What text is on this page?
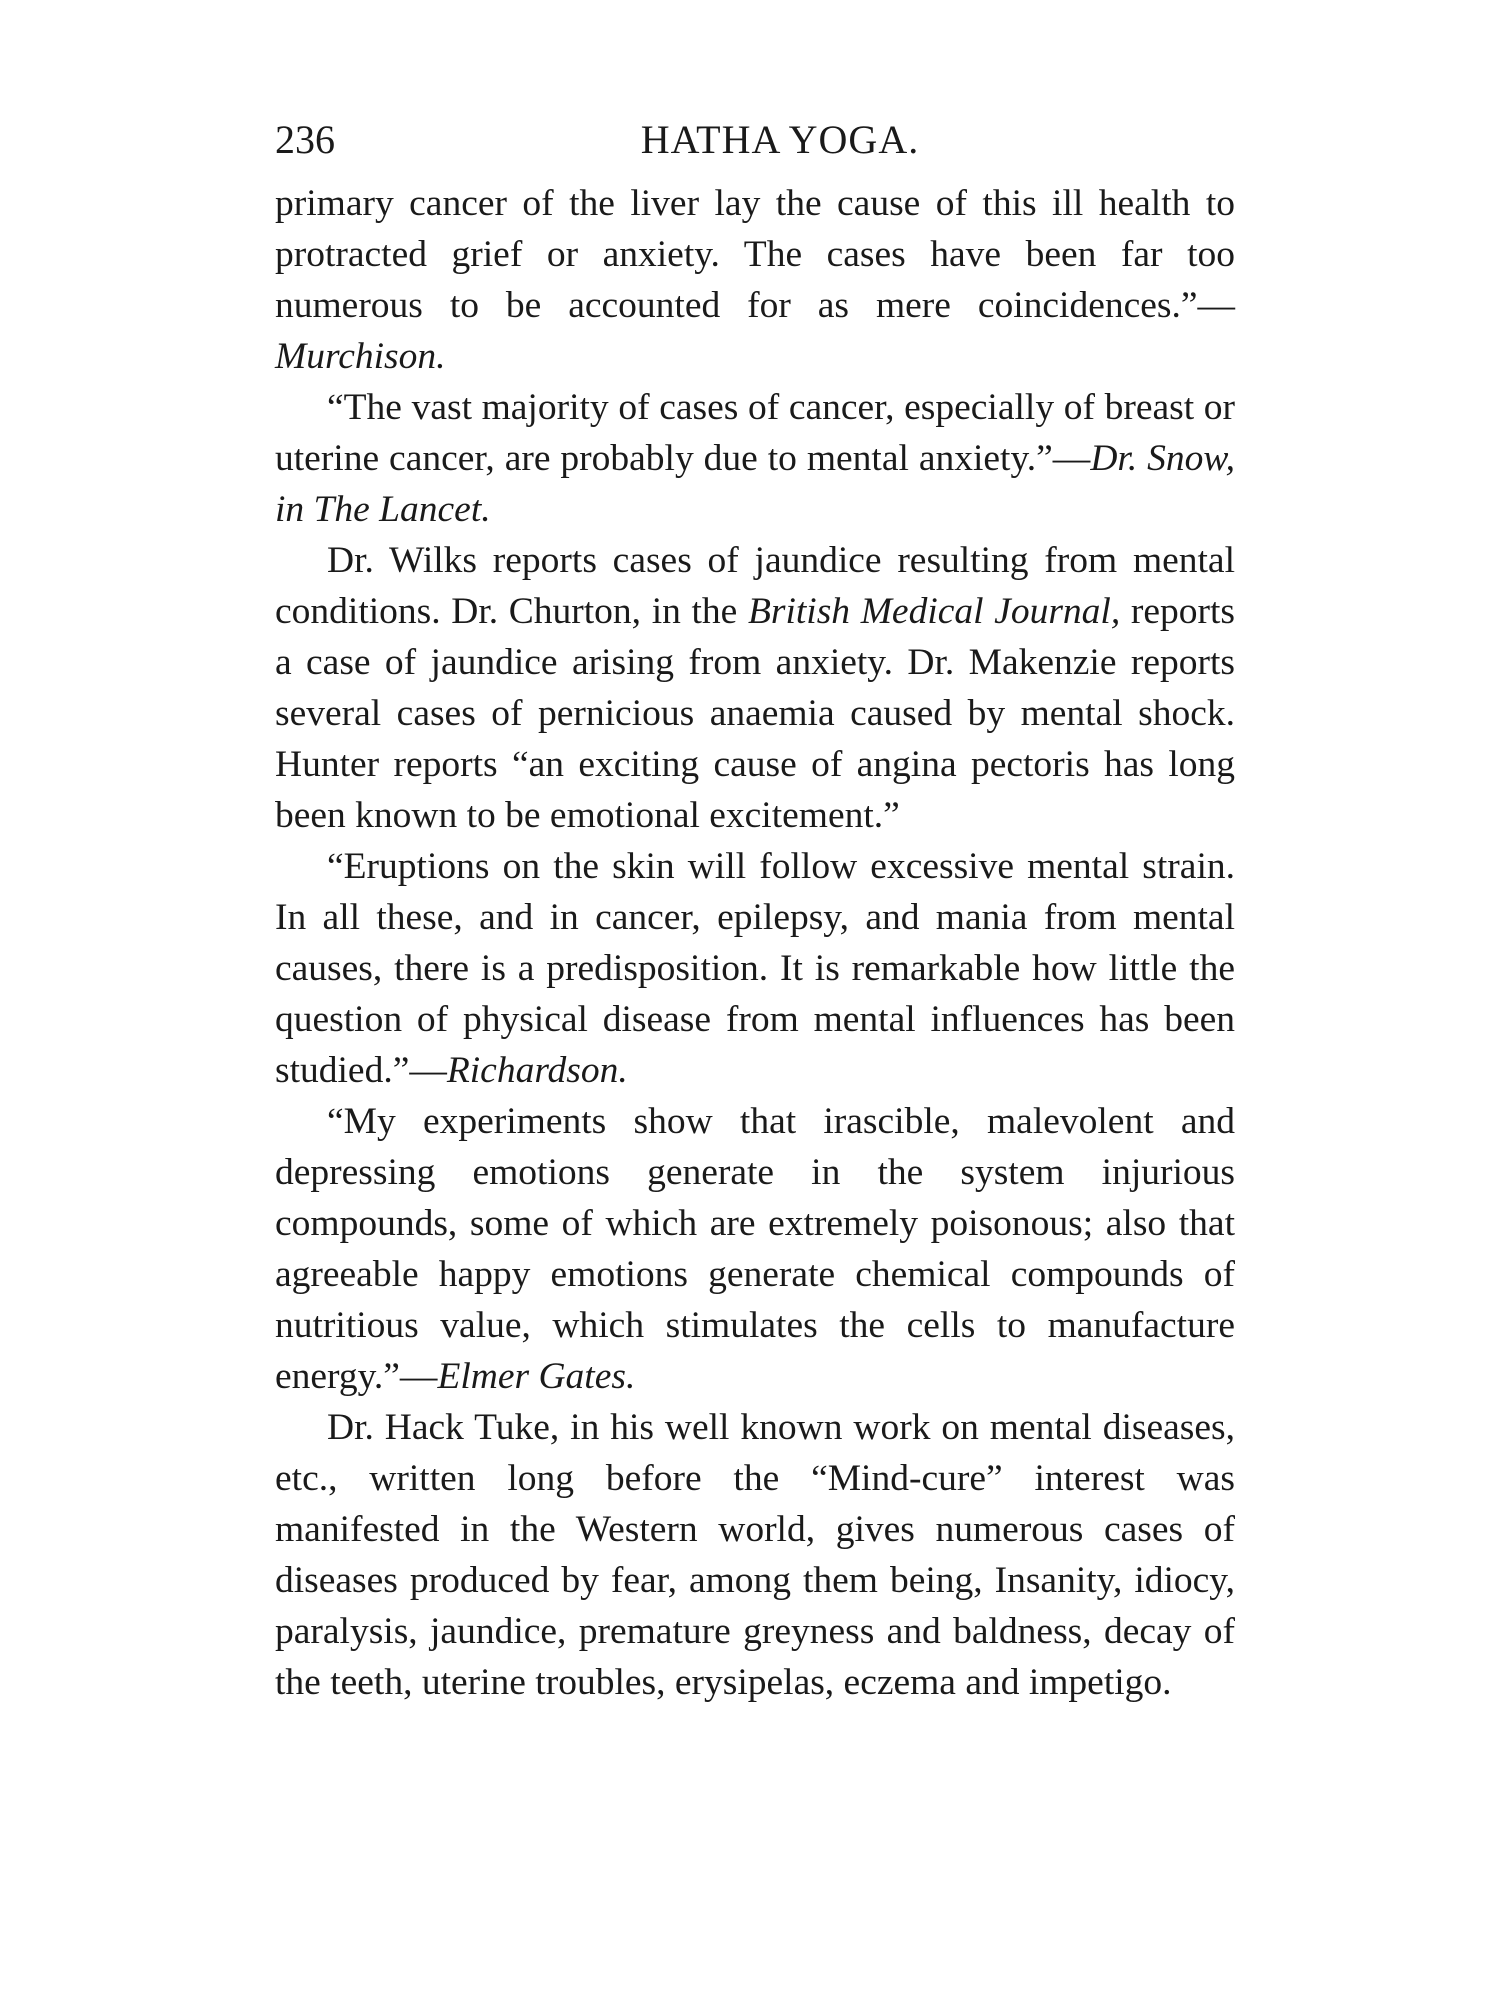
236	HATHA YOGA.

primary cancer of the liver lay the cause of this ill health to protracted grief or anxiety. The cases have been far too numerous to be accounted for as mere coincidences.”—Murchison.

“The vast majority of cases of cancer, especially of breast or uterine cancer, are probably due to mental anxiety.”—Dr. Snow, in The Lancet.

Dr. Wilks reports cases of jaundice resulting from mental conditions. Dr. Churton, in the British Medical Journal, reports a case of jaundice arising from anxiety. Dr. Makenzie reports several cases of pernicious anaemia caused by mental shock. Hunter reports “an exciting cause of angina pectoris has long been known to be emotional excitement.”

“Eruptions on the skin will follow excessive mental strain. In all these, and in cancer, epilepsy, and mania from mental causes, there is a predisposition. It is remarkable how little the question of physical disease from mental influences has been studied.”—Richardson.

“My experiments show that irascible, malevolent and depressing emotions generate in the system injurious compounds, some of which are extremely poisonous; also that agreeable happy emotions generate chemical compounds of nutritious value, which stimulates the cells to manufacture energy.”—Elmer Gates.

Dr. Hack Tuke, in his well known work on mental diseases, etc., written long before the “Mind-cure” interest was manifested in the Western world, gives numerous cases of diseases produced by fear, among them being, Insanity, idiocy, paralysis, jaundice, premature greyness and baldness, decay of the teeth, uterine troubles, erysipelas, eczema and impetigo.
